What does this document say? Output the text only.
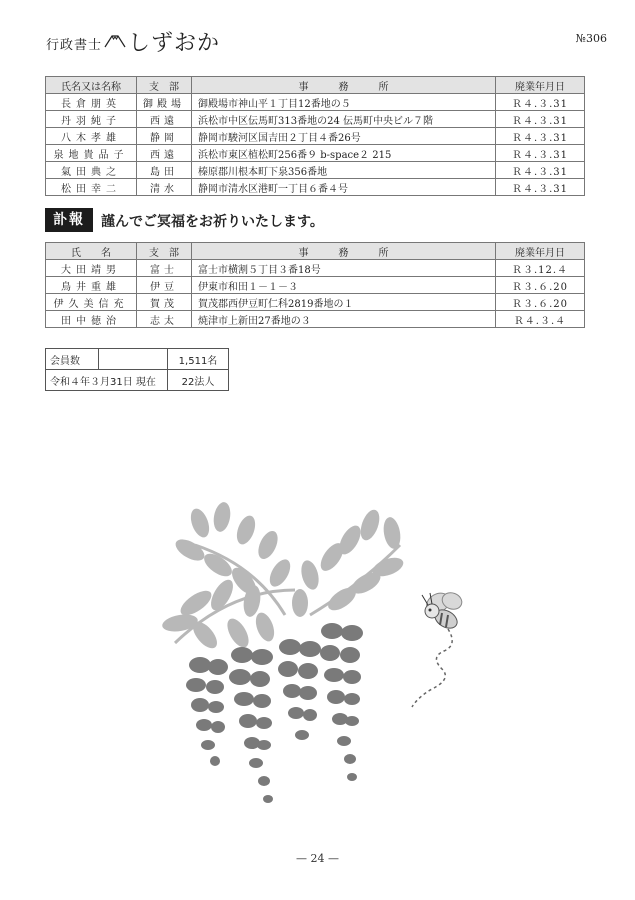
行政書士 しずおか	№306
氏名又は名称	支　部	事　　　務　　　所	廃業年月日
長倉朋英	御殿場	御殿場市神山平１丁目12番地の５	Ｒ４.３.31
丹羽純子	西遠	浜松市中区伝馬町313番地の24 伝馬町中央ビル７階	Ｒ４.３.31
八木孝雄	静岡	静岡市駿河区国吉田２丁目４番26号	Ｒ４.３.31
泉地貴品子	西遠	浜松市東区植松町256番９ b-space２ 215	Ｒ４.３.31
氣田典之	島田	榛原郡川根本町下泉356番地	Ｒ４.３.31
松田幸二	清水	静岡市清水区港町一丁目６番４号	Ｒ４.３.31
訃報	謹んでご冥福をお祈りいたします。
氏　　名	支　部	事　　　務　　　所	廃業年月日
大田靖男	富士	富士市横割５丁目３番18号	Ｒ３.12.４
鳥井重雄	伊豆	伊東市和田１－１－３	Ｒ３.６.20
伊久美信充	賀茂	賀茂郡西伊豆町仁科2819番地の１	Ｒ３.６.20
田中徳治	志太	焼津市上新田27番地の３	Ｒ４.３.４
会員数		1,511名
令和４年３月31日 現在		22法人
— 24 —
